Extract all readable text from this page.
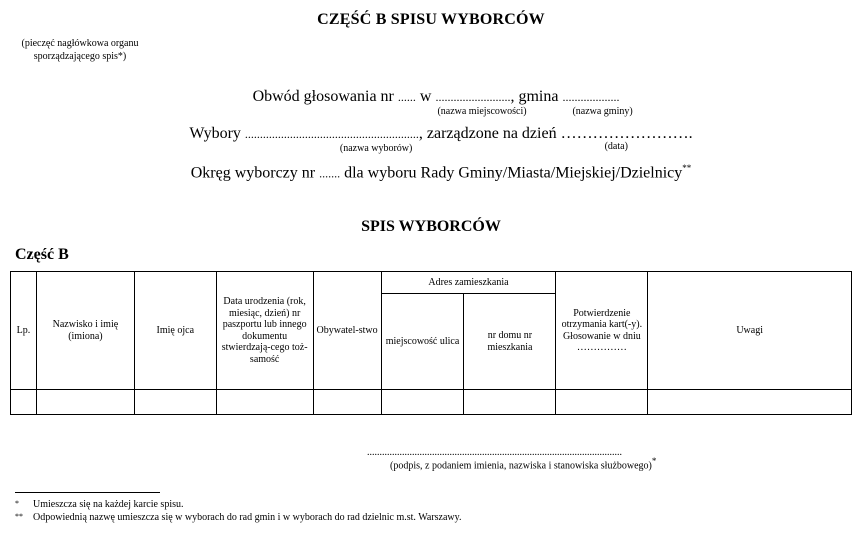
CZĘŚĆ B SPISU WYBORCÓW
(pieczęć nagłówkowa organu sporządzającego spis*)
Obwód głosowania nr ...... w .........................
(nazwa miejscowości)
, gmina ...................
(nazwa gminy)
Wybory ..........................................................
(nazwa wyborów)
, zarządzone na dzień …………………….
(data)
Okręg wyborczy nr ....... dla wyboru Rady Gminy/Miasta/Miejskiej/Dzielnicy**
SPIS WYBORCÓW
Część B
Lp.	Nazwisko i imię (imiona)	Imię ojca	Data urodzenia (rok, miesiąc, dzień) nr paszportu lub innego dokumentu stwierdzają-cego toż-samość	Obywatel-stwo	Adres zamieszkania		Potwierdzenie otrzymania kart(-y). Głosowanie w dniu ……………	Uwagi
					miejscowość ulica	nr domu nr mieszkania		

......................................................................................................
(podpis, z podaniem imienia, nazwiska i stanowiska służbowego)*
* Umieszcza się na każdej karcie spisu.
** Odpowiednią nazwę umieszcza się w wyborach do rad gmin i w wyborach do rad dzielnic m.st. Warszawy.
